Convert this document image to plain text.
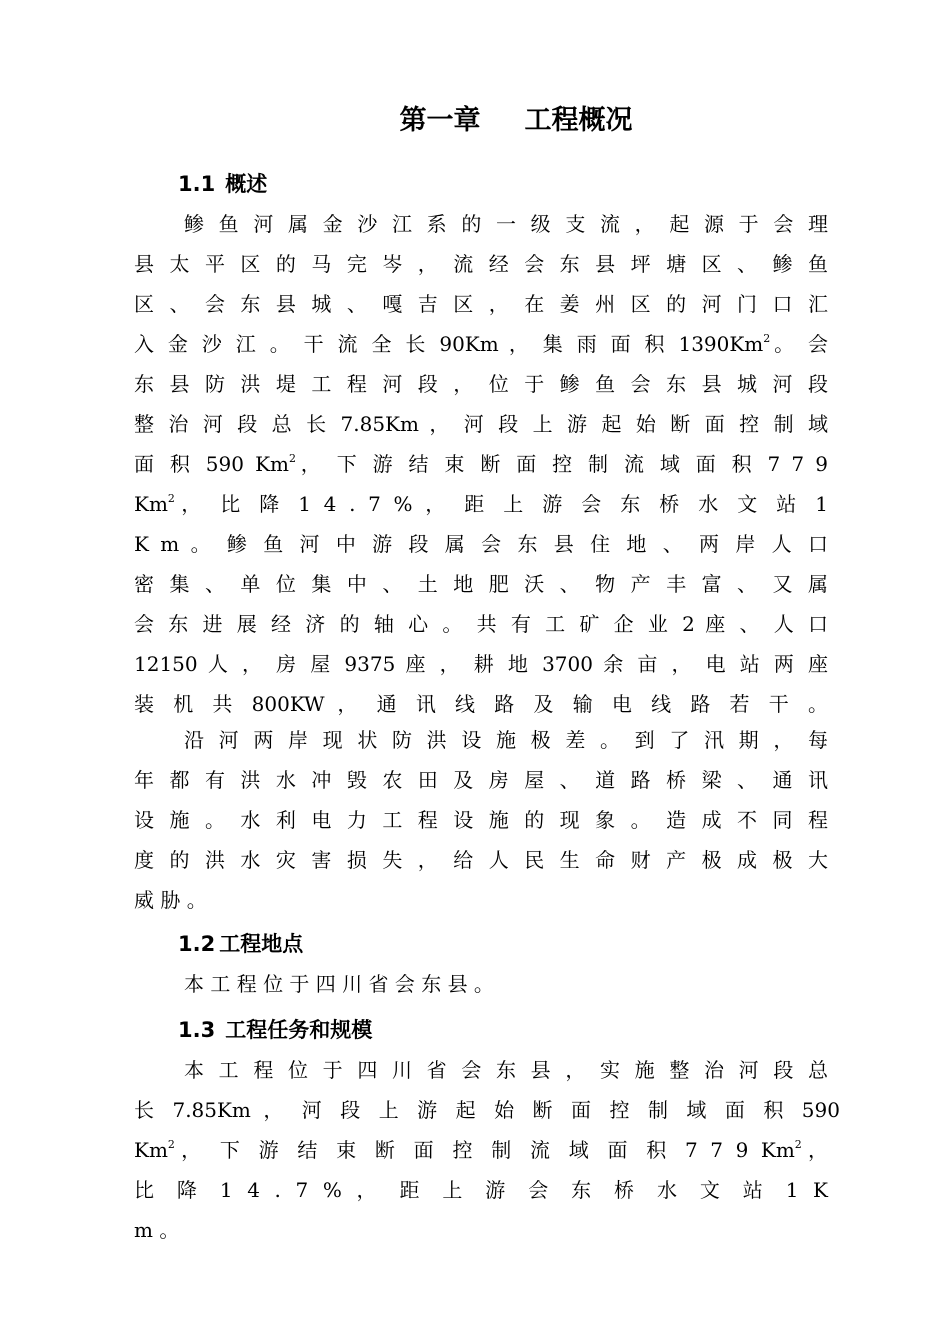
第一章 工程概况
1.1 概述
鲹 鱼 河 属 金 沙 江 系 的 一 级 支 流 ， 起 源 于 会 理
县 太 平 区 的 马 完 岑 ， 流 经 会 东 县 坪 塘 区 、 鲹 鱼
区 、 会 东 县 城 、 嘎 吉 区 ， 在 姜 州 区 的 河 门 口 汇
入 金 沙 江 。 干 流 全 长 90Km ， 集 雨 面 积 1390Km$^2$。 会
东 县 防 洪 堤 工 程 河 段 ， 位 于 鲹 鱼 会 东 县 城 河 段
整 治 河 段 总 长 7.85Km ， 河 段 上 游 起 始 断 面 控 制 域
面 积 590 Km$^2$， 下 游 结 束 断 面 控 制 流 域 面 积 7 7 9
Km$^2$， 比 降 1 4 . 7 % ， 距 上 游 会 东 桥 水 文 站 1
K m 。 鲹 鱼 河 中 游 段 属 会 东 县 住 地 、 两 岸 人 口
密 集 、 单 位 集 中 、 土 地 肥 沃 、 物 产 丰 富 、 又 属
会 东 进 展 经 济 的 轴 心 。 共 有 工 矿 企 业 2 座 、 人 口
12150 人 ， 房 屋 9375 座 ， 耕 地 3700 余 亩 ， 电 站 两 座
装 机 共 800KW ， 通 讯 线 路 及 输 电 线 路 若 干 。
沿 河 两 岸 现 状 防 洪 设 施 极 差 。 到 了 汛 期 ， 每
年 都 有 洪 水 冲 毁 农 田 及 房 屋 、 道 路 桥 梁 、 通 讯
设 施 。 水 利 电 力 工 程 设 施 的 现 象 。 造 成 不 同 程
度 的 洪 水 灾 害 损 失 ， 给 人 民 生 命 财 产 极 成 极 大
威 胁 。
1.2 工程地点
本 工 程 位 于 四 川 省 会 东 县 。
1.3 工程任务和规模
本 工 程 位 于 四 川 省 会 东 县 ， 实 施 整 治 河 段 总
长 7.85Km ， 河 段 上 游 起 始 断 面 控 制 域 面 积 590
Km$^2$， 下 游 结 束 断 面 控 制 流 域 面 积 7 7 9 Km$^2$，
比 降 1 4 . 7 % ， 距 上 游 会 东 桥 水 文 站 1 K
m 。
